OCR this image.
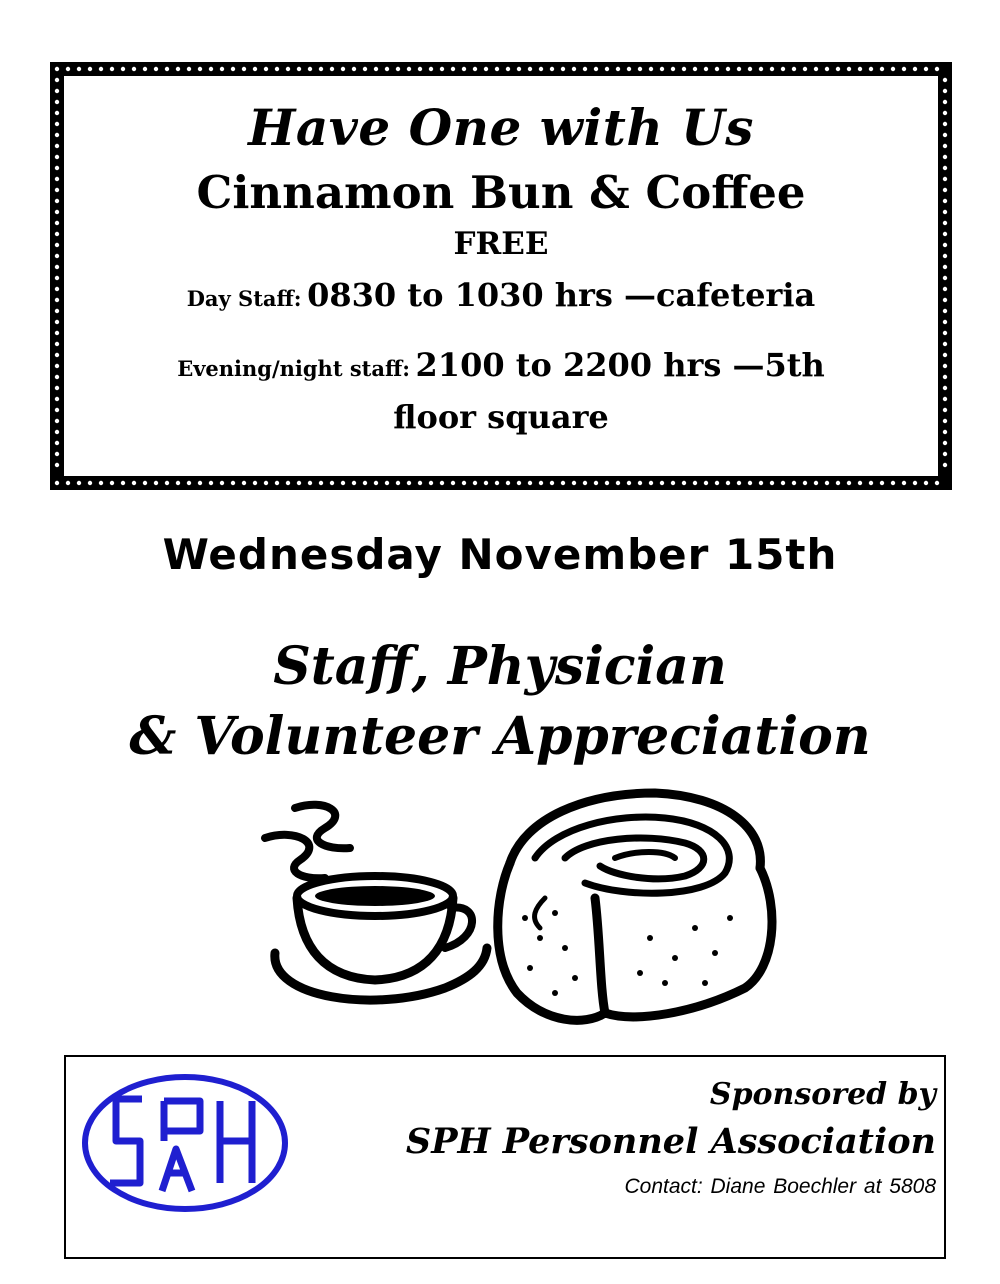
Have One with Us
Cinnamon Bun & Coffee
FREE
Day Staff: 0830 to 1030 hrs —cafeteria
Evening/night staff: 2100 to 2200 hrs —5th
floor square
Wednesday November 15th
Staff, Physician
& Volunteer Appreciation
Sponsored by
SPH Personnel Association
Contact: Diane Boechler at 5808
